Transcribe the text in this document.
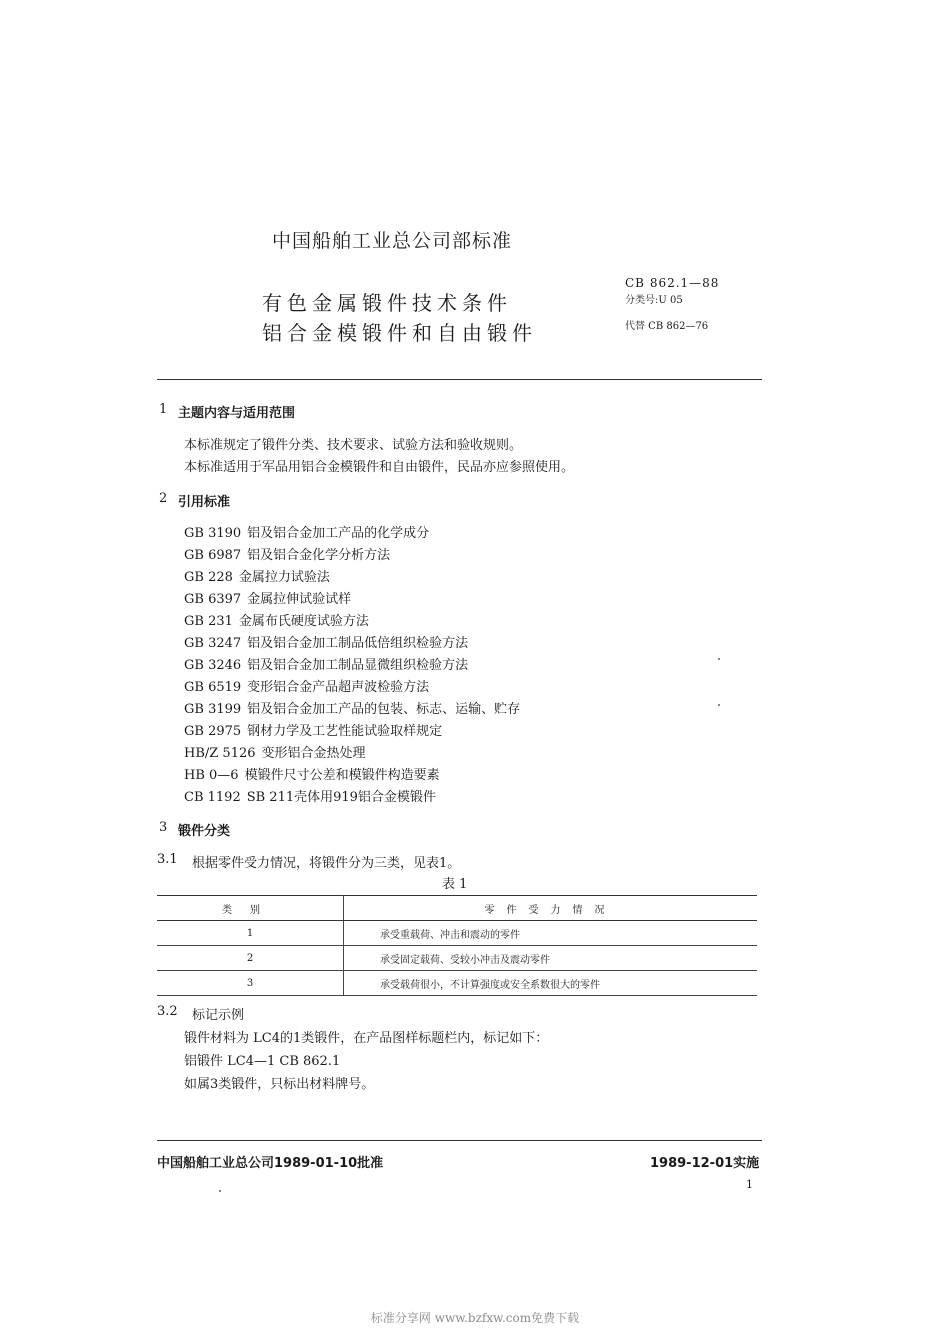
中国船舶工业总公司部标准
有色金属锻件技术条件
铝合金模锻件和自由锻件
CB 862.1—88
分类号:U 05
代替 CB 862—76
1 主题内容与适用范围
本标准规定了锻件分类、技术要求、试验方法和验收规则。
本标准适用于军品用铝合金模锻件和自由锻件，民品亦应参照使用。
2 引用标准
GB 3190 铝及铝合金加工产品的化学成分
GB 6987 铝及铝合金化学分析方法
GB 228 金属拉力试验法
GB 6397 金属拉伸试验试样
GB 231 金属布氏硬度试验方法
GB 3247 铝及铝合金加工制品低倍组织检验方法
GB 3246 铝及铝合金加工制品显微组织检验方法
GB 6519 变形铝合金产品超声波检验方法
GB 3199 铝及铝合金加工产品的包装、标志、运输、贮存
GB 2975 钢材力学及工艺性能试验取样规定
HB/Z 5126 变形铝合金热处理
HB 0—6 模锻件尺寸公差和模锻件构造要素
CB 1192 SB 211壳体用919铝合金模锻件
3 锻件分类
3.1 根据零件受力情况，将锻件分为三类，见表1。
表 1
类别	零件受力情况
1	承受重载荷、冲击和震动的零件
2	承受固定载荷、受较小冲击及震动零件
3	承受载荷很小，不计算强度或安全系数很大的零件
3.2 标记示例
锻件材料为 LC4的1类锻件，在产品图样标题栏内，标记如下：
铝锻件 LC4—1 CB 862.1
如属3类锻件，只标出材料牌号。
中国船舶工业总公司1989-01-10批准	1989-12-01实施
1
标准分享网 www.bzfxw.com免费下载
